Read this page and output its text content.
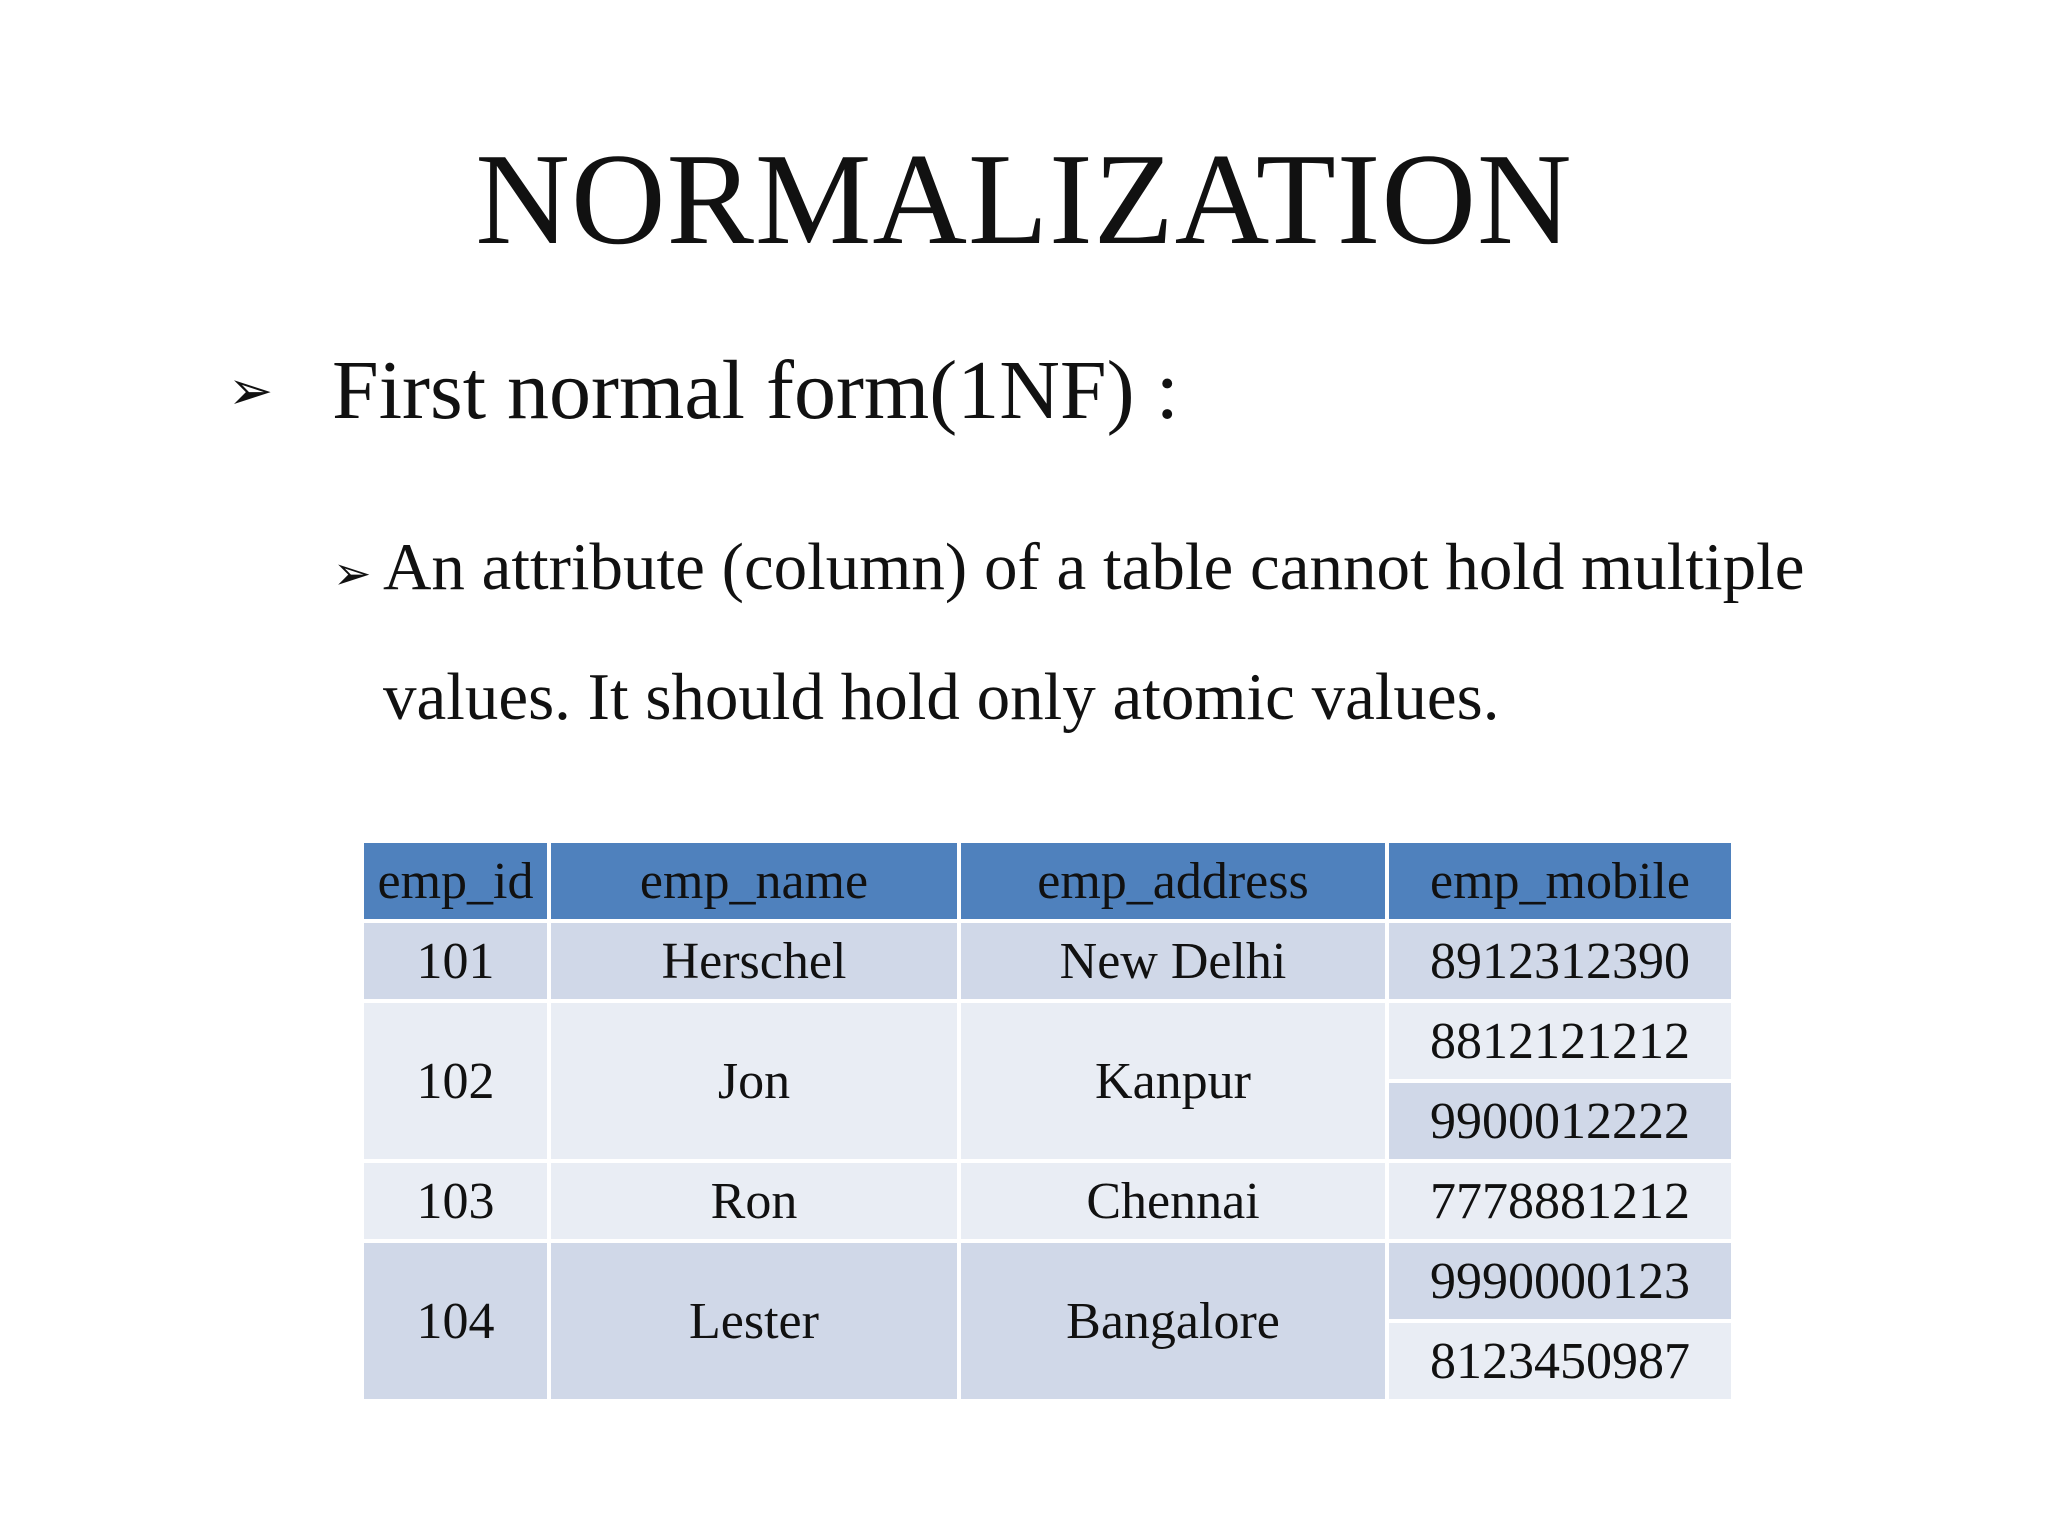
NORMALIZATION
➢ First normal form(1NF) :
➢ An attribute (column) of a table cannot hold multiple
values. It should hold only atomic values.
emp_id	emp_name	emp_address	emp_mobile
101	Herschel	New Delhi	8912312390
102	Jon	Kanpur	8812121212
			9900012222
103	Ron	Chennai	7778881212
104	Lester	Bangalore	9990000123
			8123450987
